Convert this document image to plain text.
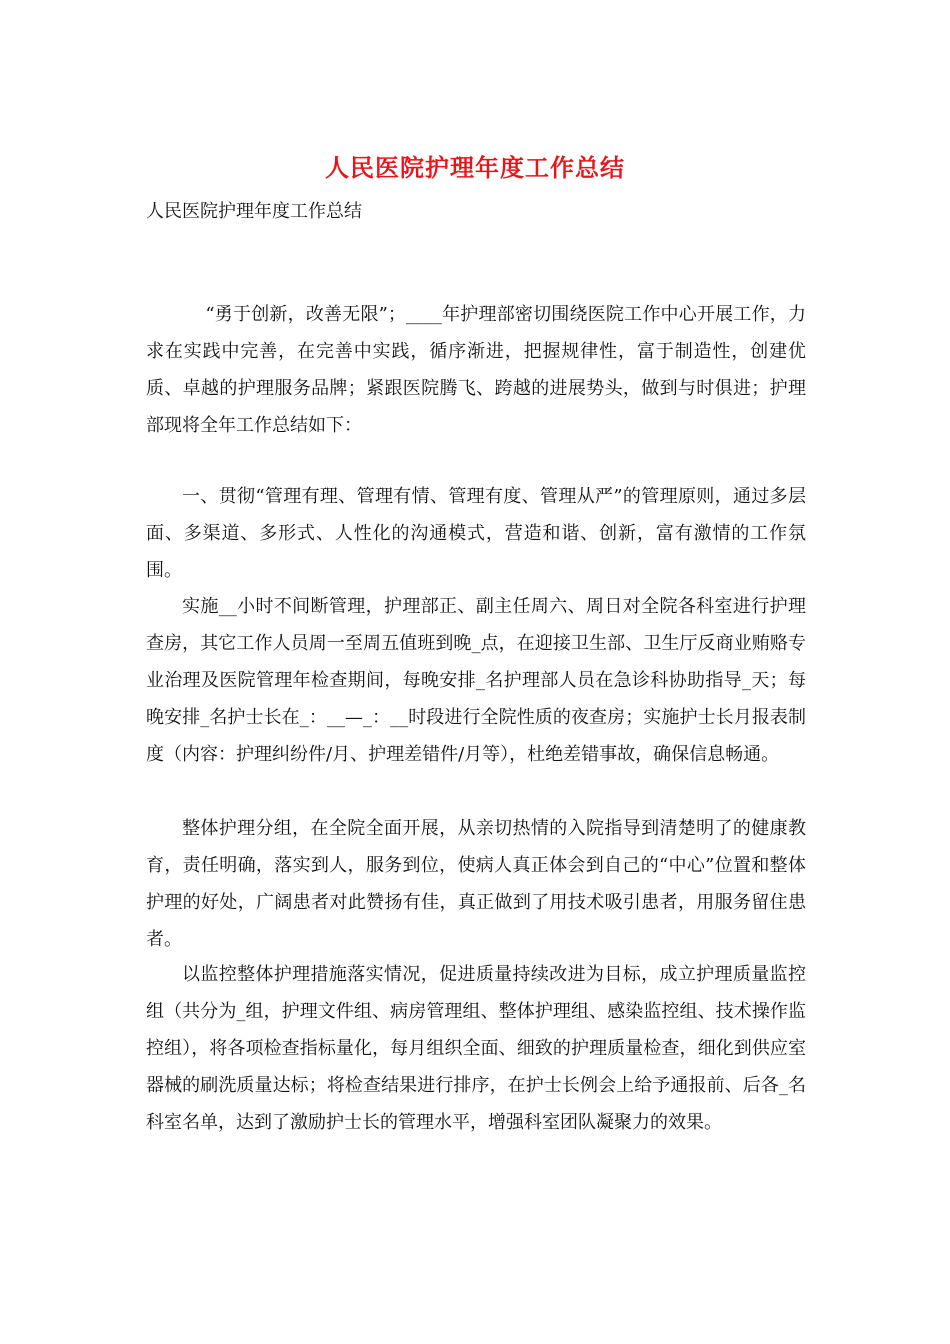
人民医院护理年度工作总结
人民医院护理年度工作总结

“勇于创新，改善无限”；____年护理部密切围绕医院工作中心开展工作，力求在实践中完善，在完善中实践，循序渐进，把握规律性，富于制造性，创建优质、卓越的护理服务品牌；紧跟医院腾飞、跨越的进展势头，做到与时俱进；护理部现将全年工作总结如下：

一、贯彻“管理有理、管理有情、管理有度、管理从严”的管理原则，通过多层面、多渠道、多形式、人性化的沟通模式，营造和谐、创新，富有激情的工作氛围。

实施__小时不间断管理，护理部正、副主任周六、周日对全院各科室进行护理查房，其它工作人员周一至周五值班到晚_点，在迎接卫生部、卫生厅反商业贿赂专业治理及医院管理年检查期间，每晚安排_名护理部人员在急诊科协助指导_天；每晚安排_名护士长在_：__—_：__时段进行全院性质的夜查房；实施护士长月报表制度（内容：护理纠纷件/月、护理差错件/月等），杜绝差错事故，确保信息畅通。

整体护理分组，在全院全面开展，从亲切热情的入院指导到清楚明了的健康教育，责任明确，落实到人，服务到位，使病人真正体会到自己的“中心”位置和整体护理的好处，广阔患者对此赞扬有佳，真正做到了用技术吸引患者，用服务留住患者。

以监控整体护理措施落实情况，促进质量持续改进为目标，成立护理质量监控组（共分为_组，护理文件组、病房管理组、整体护理组、感染监控组、技术操作监控组），将各项检查指标量化，每月组织全面、细致的护理质量检查，细化到供应室器械的刷洗质量达标；将检查结果进行排序，在护士长例会上给予通报前、后各_名科室名单，达到了激励护士长的管理水平，增强科室团队凝聚力的效果。
